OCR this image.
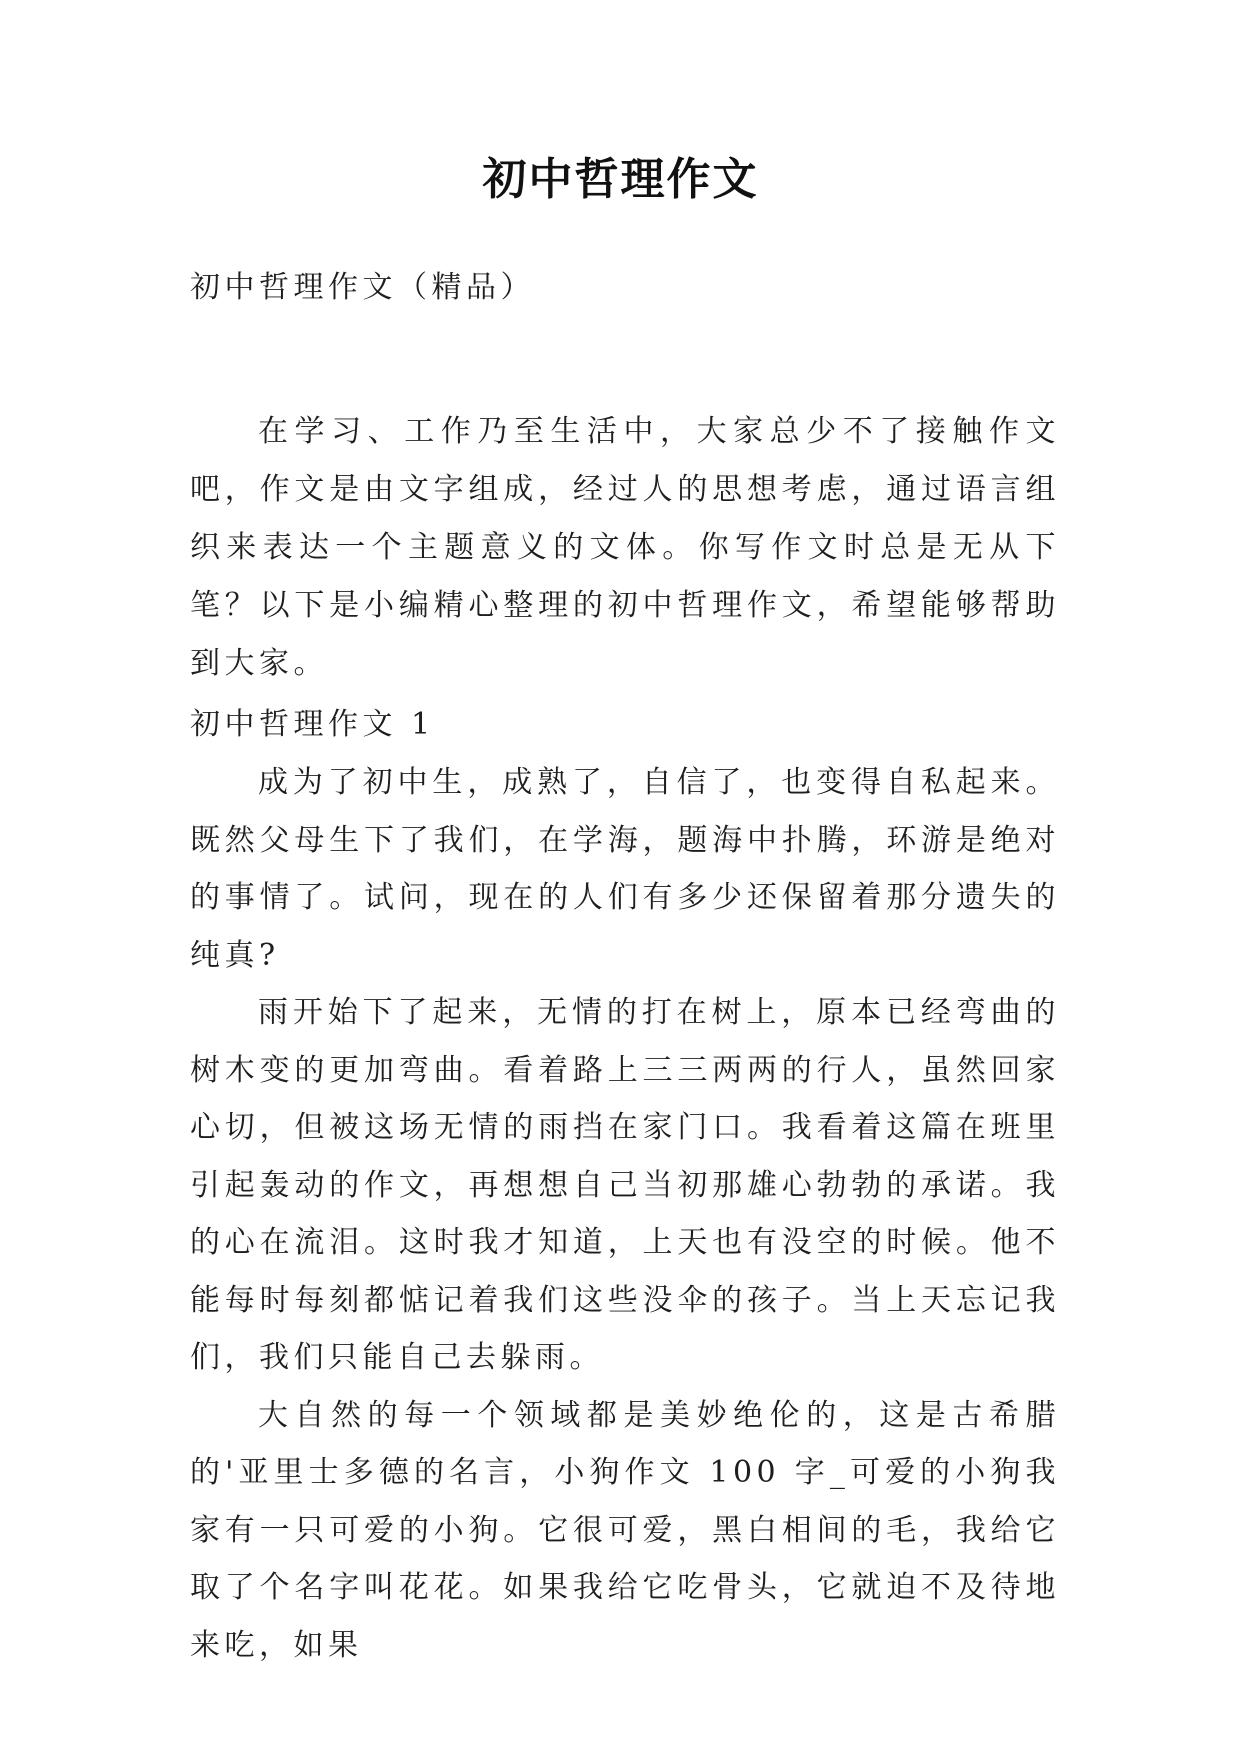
初中哲理作文
初中哲理作文（精品）
在学习、工作乃至生活中，大家总少不了接触作文吧，作文是由文字组成，经过人的思想考虑，通过语言组织来表达一个主题意义的文体。你写作文时总是无从下笔？以下是小编精心整理的初中哲理作文，希望能够帮助到大家。
初中哲理作文 1

成为了初中生，成熟了，自信了，也变得自私起来。既然父母生下了我们，在学海，题海中扑腾，环游是绝对的事情了。试问，现在的人们有多少还保留着那分遗失的纯真?

雨开始下了起来，无情的打在树上，原本已经弯曲的树木变的更加弯曲。看着路上三三两两的行人，虽然回家心切，但被这场无情的雨挡在家门口。我看着这篇在班里引起轰动的作文，再想想自己当初那雄心勃勃的承诺。我的心在流泪。这时我才知道，上天也有没空的时候。他不能每时每刻都惦记着我们这些没伞的孩子。当上天忘记我们，我们只能自己去躲雨。

大自然的每一个领域都是美妙绝伦的，这是古希腊的'亚里士多德的名言，小狗作文 100 字_可爱的小狗我家有一只可爱的小狗。它很可爱，黑白相间的毛，我给它取了个名字叫花花。如果我给它吃骨头，它就迫不及待地来吃，如果
